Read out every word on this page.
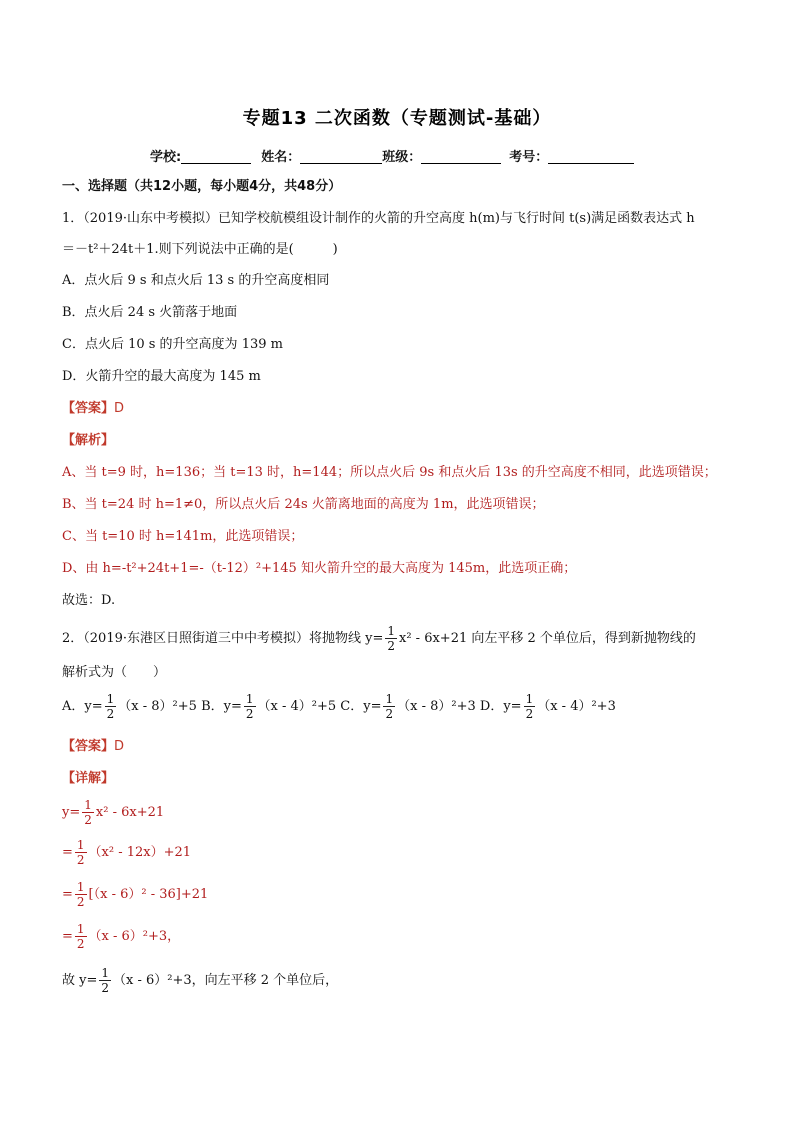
专题13 二次函数（专题测试-基础）
学校:	姓名：	班级：	考号：
一、选择题（共12小题，每小题4分，共48分）
1．（2019·山东中考模拟）已知学校航模组设计制作的火箭的升空高度 h(m)与飞行时间 t(s)满足函数表达式 h
＝－t²＋24t＋1.则下列说法中正确的是(　　　)
A．点火后 9 s 和点火后 13 s 的升空高度相同
B．点火后 24 s 火箭落于地面
C．点火后 10 s 的升空高度为 139 m
D．火箭升空的最大高度为 145 m
【答案】D
【解析】
A、当 t=9 时，h=136；当 t=13 时，h=144；所以点火后 9s 和点火后 13s 的升空高度不相同，此选项错误；
B、当 t=24 时 h=1≠0，所以点火后 24s 火箭离地面的高度为 1m，此选项错误；
C、当 t=10 时 h=141m，此选项错误；
D、由 h=-t²+24t+1=-（t-12）²+145 知火箭升空的最大高度为 145m，此选项正确；
故选：D.
2．（2019·东港区日照街道三中中考模拟）将抛物线 $y= \frac{1}{2} x^2 - 6x+21$ 向左平移 2 个单位后，得到新抛物线的
解析式为（　　）
A．$y= \frac{1}{2} (x - 8)^2+5$ B．$y= \frac{1}{2} (x - 4)^2+5$ C．$y= \frac{1}{2} (x - 8)^2+3$ D．$y= \frac{1}{2} (x - 4)^2+3$
【答案】D
【详解】
$y= \frac{1}{2} x^2 - 6x+21$
= $\frac{1}{2} (x^2 - 12x)+21$
= $\frac{1}{2} [(x - 6)^2 - 36]+21$
= $\frac{1}{2} (x - 6)^2+3$，
故 $y= \frac{1}{2} (x - 6)^2+3$，向左平移 2 个单位后，
